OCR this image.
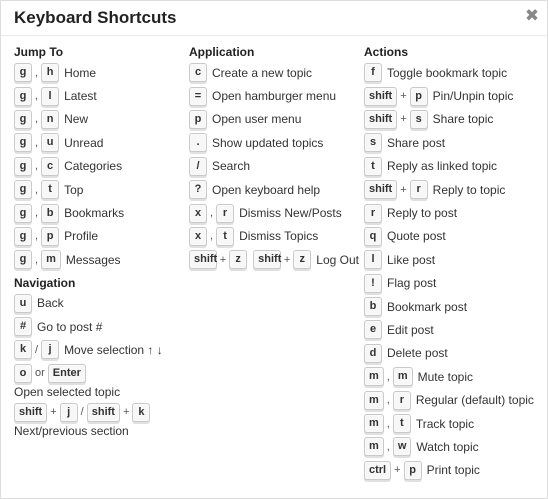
Keyboard Shortcuts	✖
Jump To
g , h Home
g , l	Latest
g , n New
g , u Unread
g , c Categories
g , t	Top
g , b Bookmarks
g , p Profile
g , m Messages
Navigation
u Back
# Go to post #
k / j	Move selection ↑ ↓
o or Enter
Open selected topic
shift + j / shift + k
Next/previous section
Application
c Create a new topic
= Open hamburger menu
p Open user menu
.	Show updated topics
/	Search
? Open keyboard help
x , r Dismiss New/Posts
x , t	Dismiss Topics
shift + z	shift + z Log Out
Actions
f	Toggle bookmark topic
shift + p Pin/Unpin topic
shift + s Share topic
s Share post
t	Reply as linked topic
shift + r Reply to topic
r Reply to post
q Quote post
l	Like post
!	Flag post
b Bookmark post
e Edit post
d Delete post
m , m Mute topic
m , r Regular (default) topic
m , t	Track topic
m , w Watch topic
ctrl + p Print topic
